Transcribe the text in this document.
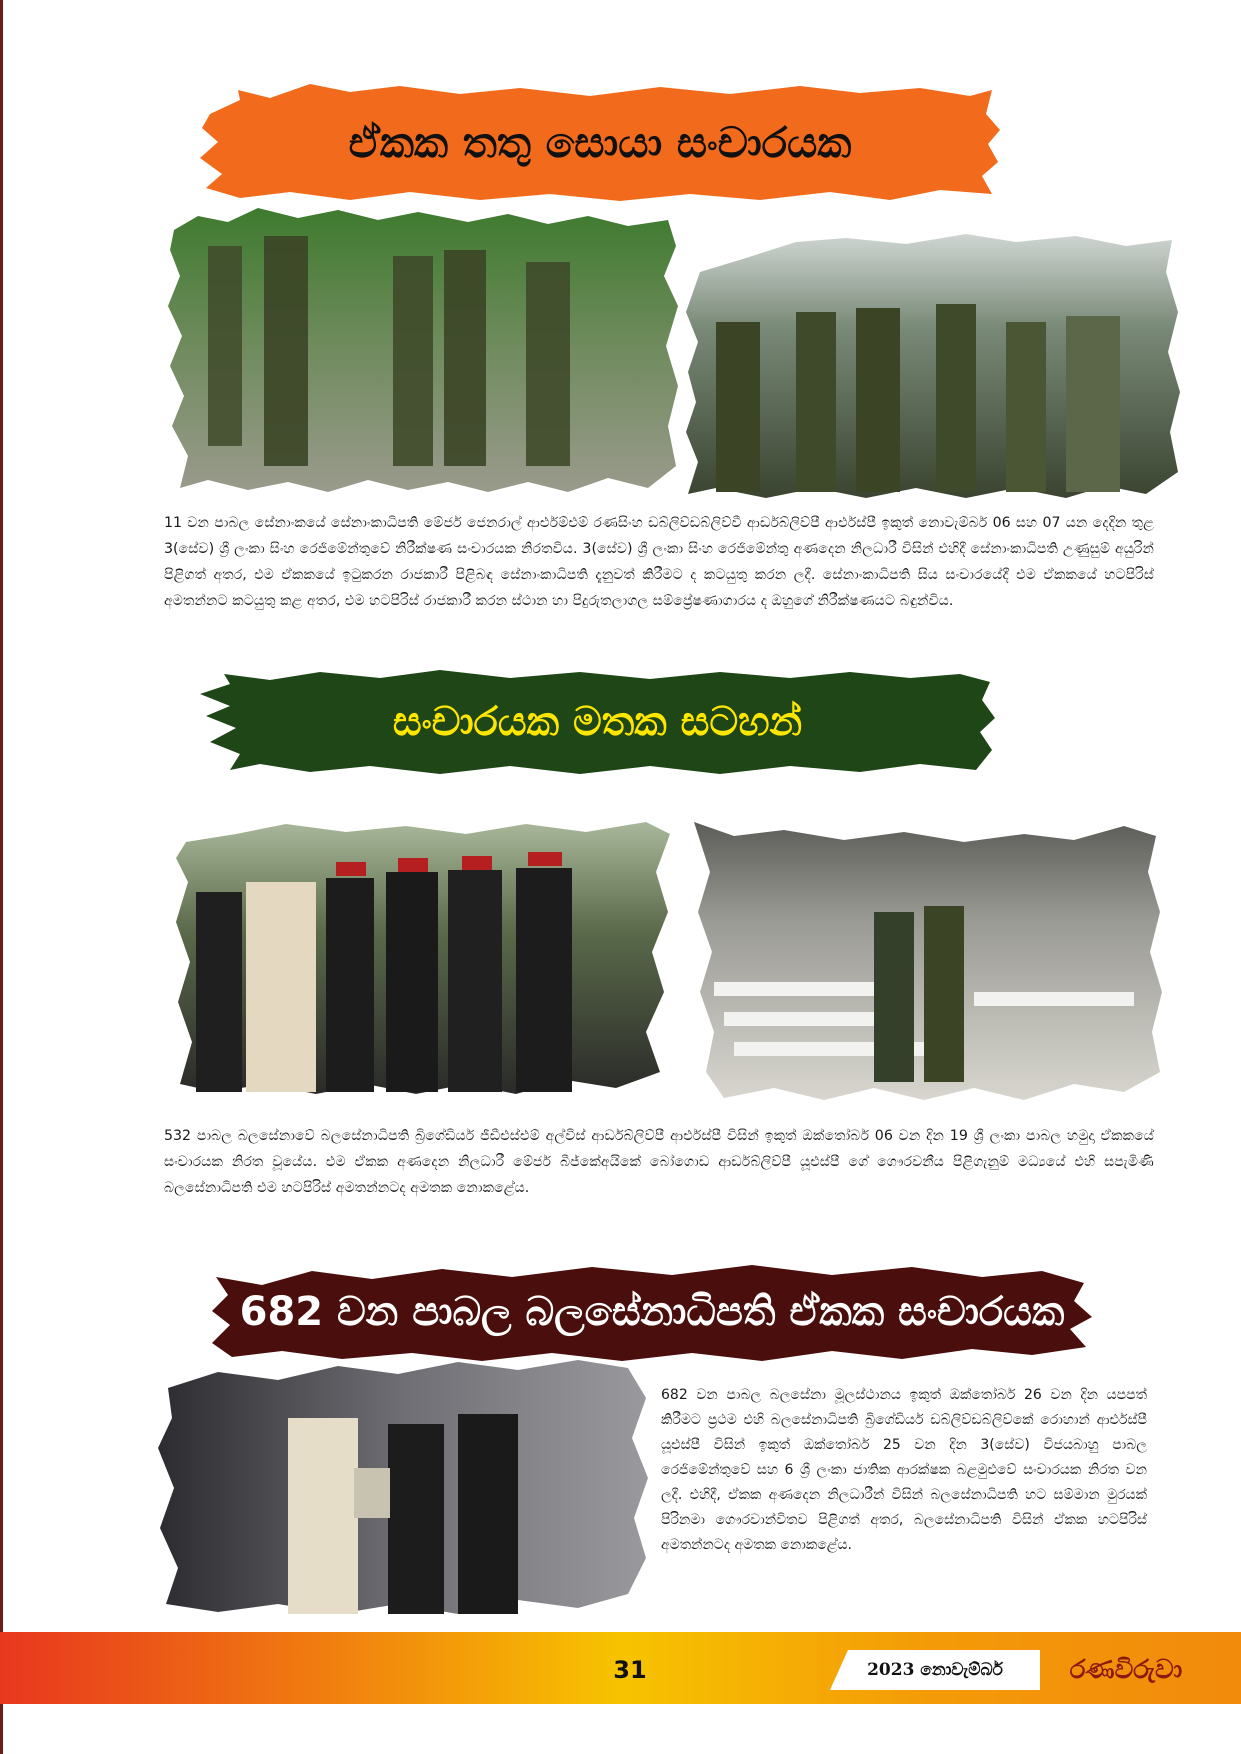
ඒකක තතු සොයා සංචාරයක

11 වන පාබල සේනාංකයේ සේනාංකාධිපති මේජර් ජෙනරාල් ආර්එම්එම් රණසිංහ ඩබ්ලිව්ඩබ්ලිව්වී ආර්ඩබ්ලිව්පී ආර්එස්පී ඉකුත් නොවැම්බර් 06 සහ 07 යන දෙදින තුළ 3(සේව) ශ්‍රී ලංකා සිංහ රෙජිමේන්තුවේ නිරීක්ෂණ සංචාරයක නිරතවිය. 3(සේව) ශ්‍රී ලංකා සිංහ රෙජිමේන්තු අණදෙන නිලධාරී විසින් එහිදී සේනාංකාධිපති උණුසුම් අයුරින් පිළිගත් අතර, එම ඒකකයේ ඉටුකරන රාජකාරී පිළිබඳ සේනාංකාධිපති දැනුවත් කිරීමට ද කටයුතු කරන ලදී. සේනාංකාධිපති සිය සංචාරයේදී එම ඒකකයේ හටපිරිස් අමතන්නට කටයුතු කළ අතර, එම හටපිරිස් රාජකාරී කරන ස්ථාන හා පිදුරුතලාගල සම්ප්‍රේෂණාගාරය ද ඔහුගේ නිරීක්ෂණයට බඳුන්විය.

සංචාරයක මතක සටහන්

532 පාබල බලසේනාවේ බලසේනාධිපති බ්‍රිගේඩියර් ජීඩීඑස්එම් අල්විස් ආර්ඩබ්ලිව්පී ආර්එස්පී විසින් ඉකුත් ඔක්තෝබර් 06 වන දින 19 ශ්‍රී ලංකා පාබල හමුදා ඒකකයේ සංචාරයක නිරත වූයේය. එම ඒකක අණදෙන නිලධාරී මේජර් බීජ්කේඅයිකේ බෝගොඩ ආර්ඩබ්ලිව්පී යූඑස්පී ගේ ගෞරවනීය පිළිගැනුම් මධ්‍යයේ එහි සපැමිණි බලසේනාධිපති එම හටපිරිස් අමතන්නටද අමතක නොකළේය.

682 වන පාබල බලසේනාධිපති ඒකක සංචාරයක

682 වන පාබල බලසේනා මූලස්ථානය ඉකුත් ඔක්තෝබර් 26 වන දින යපපත් කිරීමට ප්‍රථම එහි බලසේනාධිපති බ්‍රිගේඩියර් ඩබ්ලිව්ඩබ්ලිව්කේ රොහාන් ආර්එස්පී යූඑස්පී විසින් ඉකුත් ඔක්තෝබර් 25 වන දින 3(සේව) විජයබාහු පාබල රෙජිමේන්තුවේ සහ 6 ශ්‍රී ලංකා ජාතික ආරක්ෂක බළමුළුවේ සංචාරයක නිරත වන ලදී. එහිදී, ඒකක අණදෙන නිලධාරීන් විසින් බලසේනාධිපති හට සම්මාන මුරයක් පිරිනමා ගෞරවාන්විතව පිළිගත් අතර, බලසේනාධිපති විසින් ඒකක හටපිරිස් අමතන්නටද අමතක නොකළේය.

31	2023 නොවැම්බර්	රණවිරුවා
